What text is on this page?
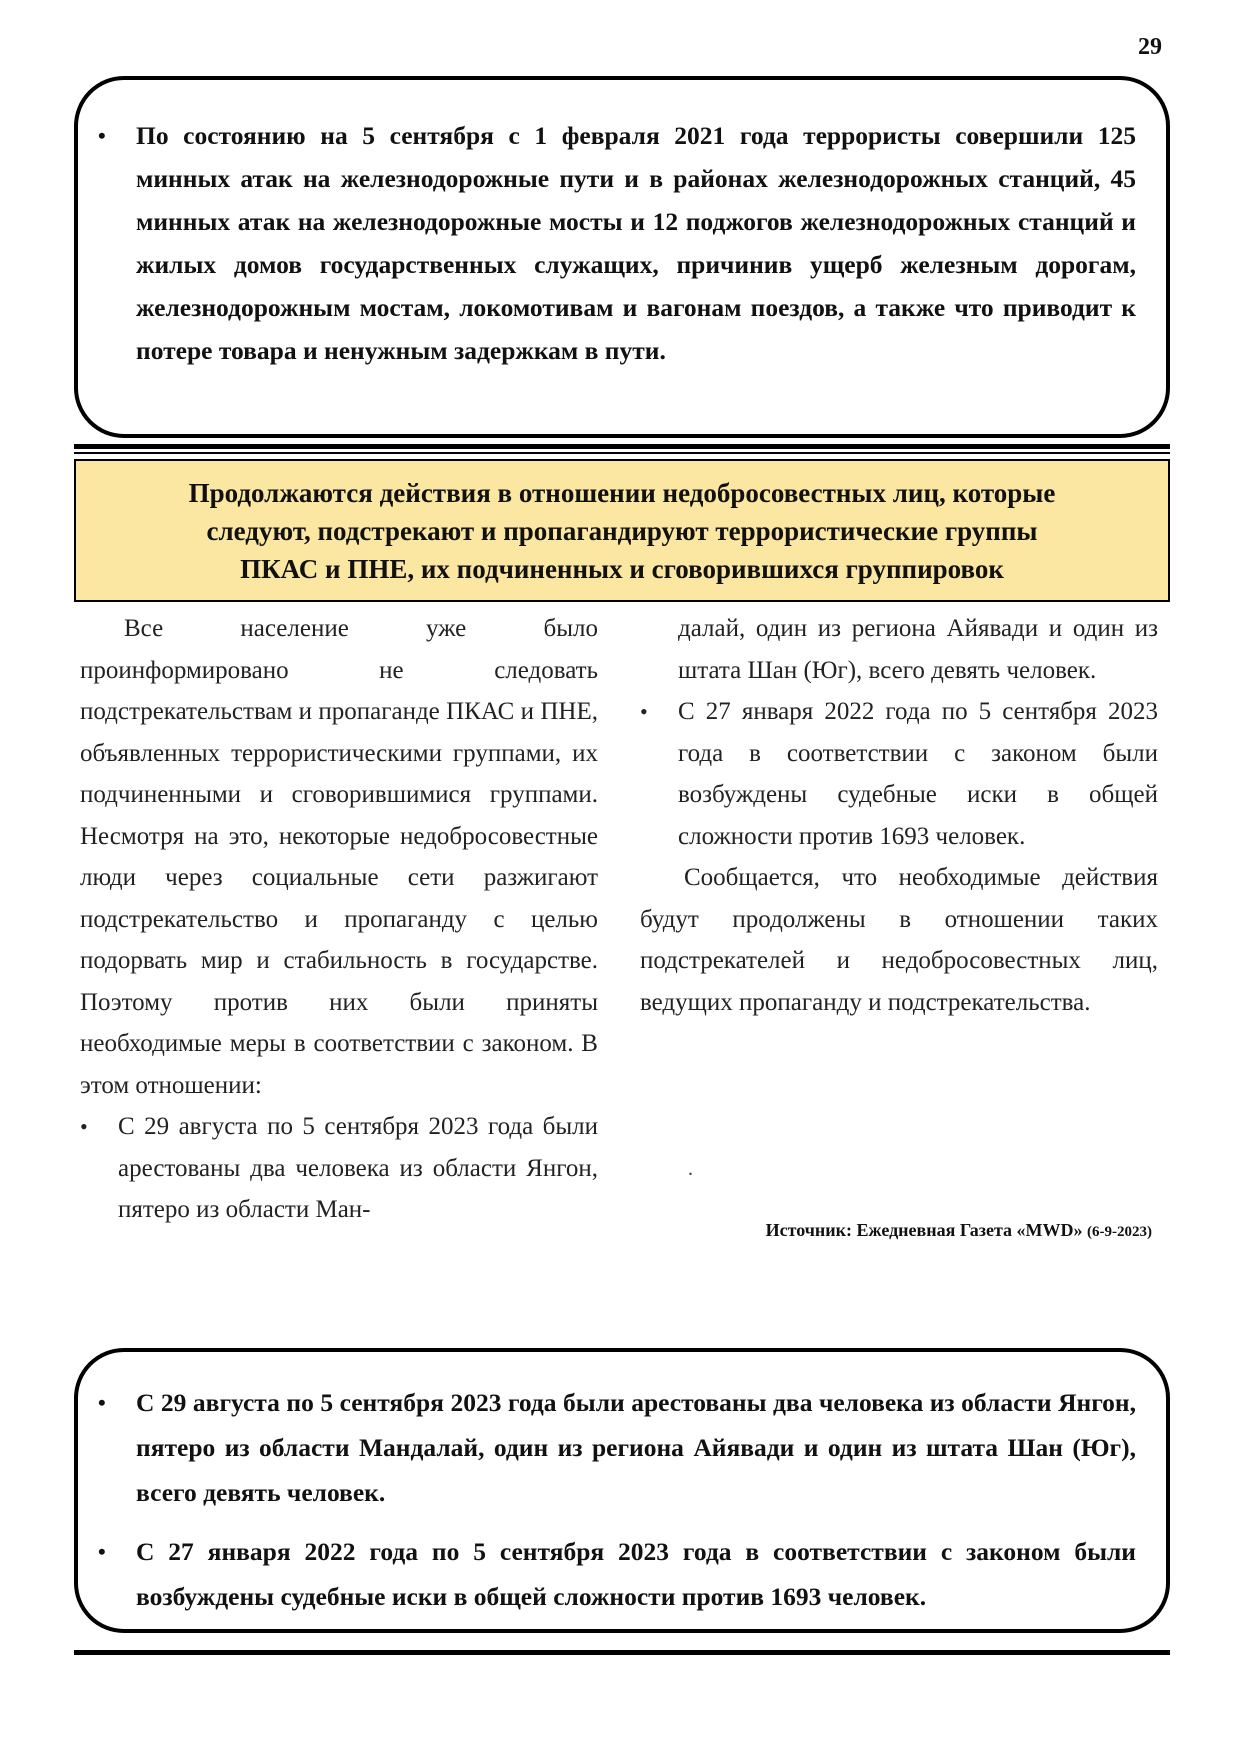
29
• По состоянию на 5 сентября с 1 февраля 2021 года террористы совершили 125 минных атак на железнодорожные пути и в районах железнодорожных станций, 45 минных атак на железнодорожные мосты и 12 поджогов железнодорожных станций и жилых домов государственных служащих, причинив ущерб железным дорогам, железнодорожным мостам, локомотивам и вагонам поездов, а также что приводит к потере товара и ненужным задержкам в пути.
Продолжаются действия в отношении недобросовестных лиц, которые
следуют, подстрекают и пропагандируют террористические группы
ПКАС и ПНЕ, их подчиненных и сговорившихся группировок

Все население уже было проинформировано не следовать подстрекательствам и пропаганде ПКАС и ПНЕ, объявленных террористическими группами, их подчиненными и сговорившимися группами. Несмотря на это, некоторые недобросовестные люди через социальные сети разжигают подстрекательство и пропаганду с целью подорвать мир и стабильность в государстве. Поэтому против них были приняты необходимые меры в соответствии с законом. В этом отношении:

• С 29 августа по 5 сентября 2023 года были арестованы два человека из области Янгон, пятеро из области Ман-

далай, один из региона Айявади и один из штата Шан (Юг), всего девять человек.

• С 27 января 2022 года по 5 сентября 2023 года в соответствии с законом были возбуждены судебные иски в общей сложности против 1693 человек.

Сообщается, что необходимые действия будут продолжены в отношении таких подстрекателей и недобросовестных лиц, ведущих пропаганду и подстрекательства.

.
Источник: Ежедневная Газета «MWD» (6-9-2023)
• С 29 августа по 5 сентября 2023 года были арестованы два человека из области Янгон, пятеро из области Мандалай, один из региона Айявади и один из штата Шан (Юг), всего девять человек.
• С 27 января 2022 года по 5 сентября 2023 года в соответствии с законом были возбуждены судебные иски в общей сложности против 1693 человек.
